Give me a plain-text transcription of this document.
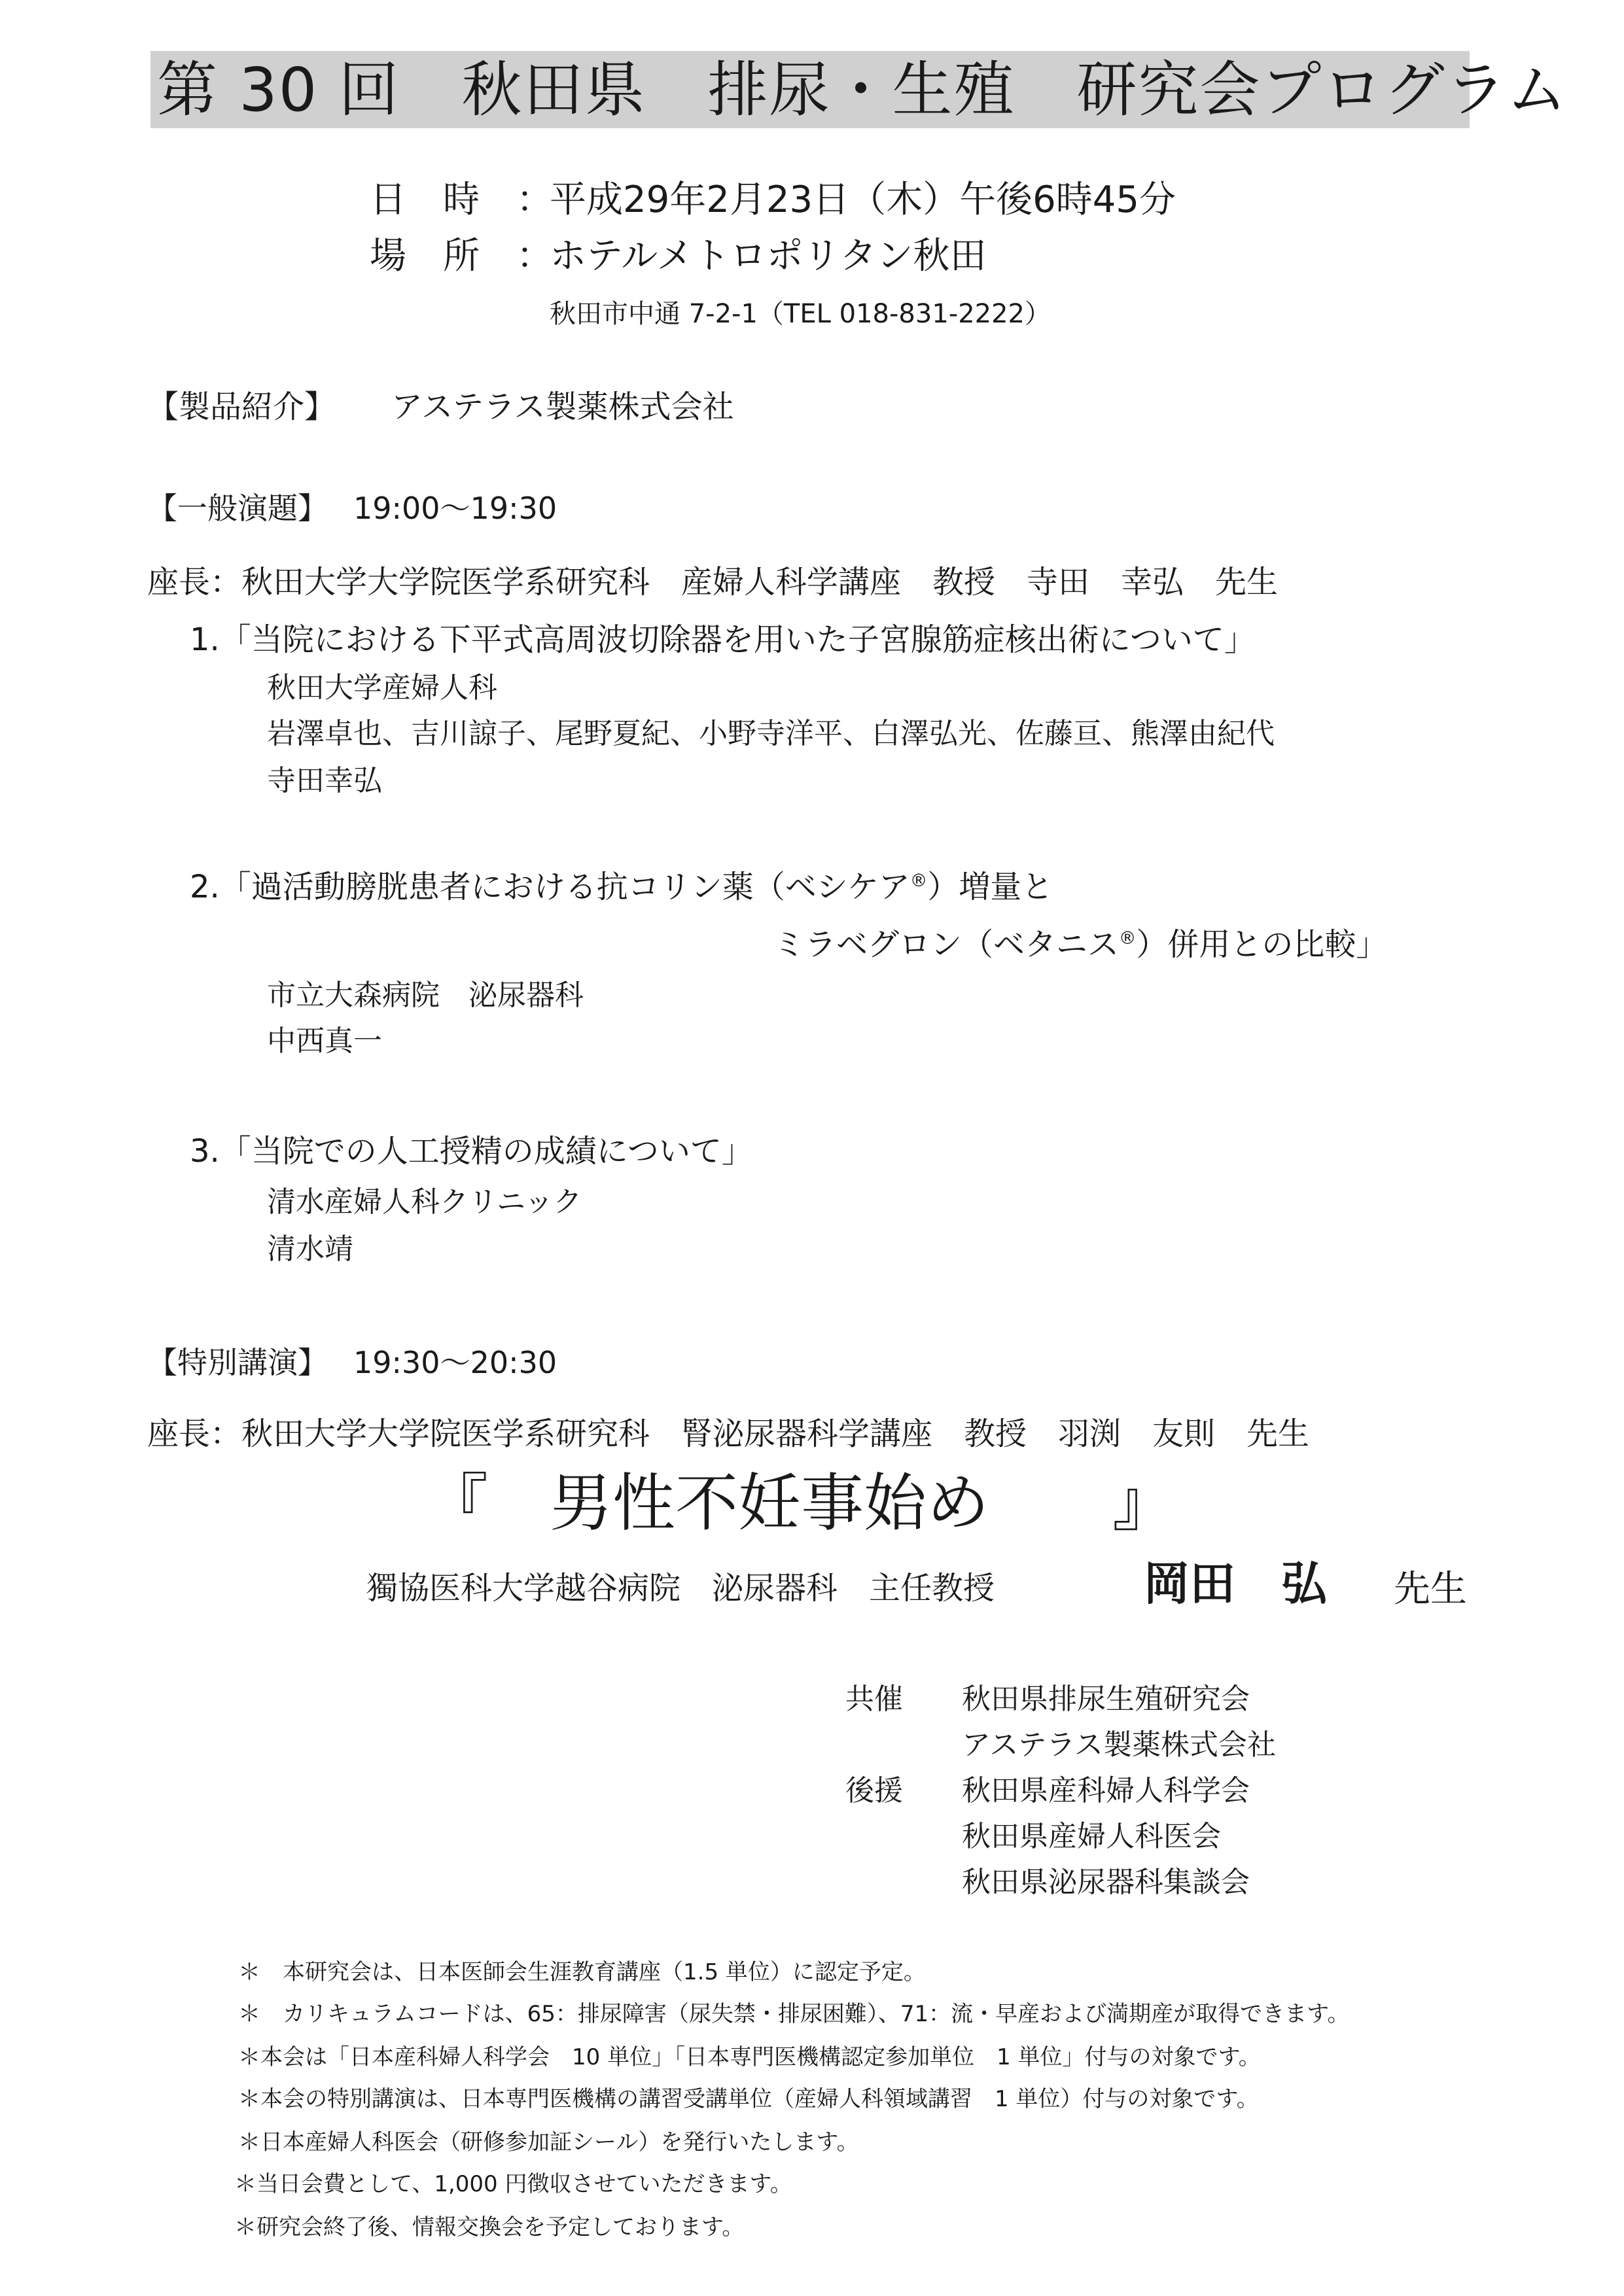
第 30 回　秋田県　排尿・生殖　研究会プログラム
日　時　：
平成29年2月23日（木）午後6時45分
場　所　：
ホテルメトロポリタン秋田
秋田市中通 7-2-1（TEL 018-831-2222）
【製品紹介】 アステラス製薬株式会社
【一般演題】 19:00～19:30
座長：秋田大学大学院医学系研究科　産婦人科学講座　教授　寺田　幸弘　先生
1.「当院における下平式高周波切除器を用いた子宮腺筋症核出術について」
秋田大学産婦人科
岩澤卓也、吉川諒子、尾野夏紀、小野寺洋平、白澤弘光、佐藤亘、熊澤由紀代
寺田幸弘
2.「過活動膀胱患者における抗コリン薬（ベシケア®）増量と
ミラベグロン（ベタニス®）併用との比較」
市立大森病院　泌尿器科
中西真一
3.「当院での人工授精の成績について」
清水産婦人科クリニック
清水靖
【特別講演】 19:30～20:30
座長：秋田大学大学院医学系研究科　腎泌尿器科学講座　教授　羽渕　友則　先生
『 男性不妊事始め 』
獨協医科大学越谷病院　泌尿器科　主任教授	岡田　弘 先生
共催 秋田県排尿生殖研究会
アステラス製薬株式会社
後援 秋田県産科婦人科学会
秋田県産婦人科医会
秋田県泌尿器科集談会
＊　本研究会は、日本医師会生涯教育講座（1.5 単位）に認定予定。
＊　カリキュラムコードは、65：排尿障害（尿失禁・排尿困難）、71：流・早産および満期産が取得できます。
＊本会は「日本産科婦人科学会　10 単位」「日本専門医機構認定参加単位　1 単位」付与の対象です。
＊本会の特別講演は、日本専門医機構の講習受講単位（産婦人科領域講習　1 単位）付与の対象です。
＊日本産婦人科医会（研修参加証シール）を発行いたします。
＊当日会費として、1,000 円徴収させていただきます。
＊研究会終了後、情報交換会を予定しております。
